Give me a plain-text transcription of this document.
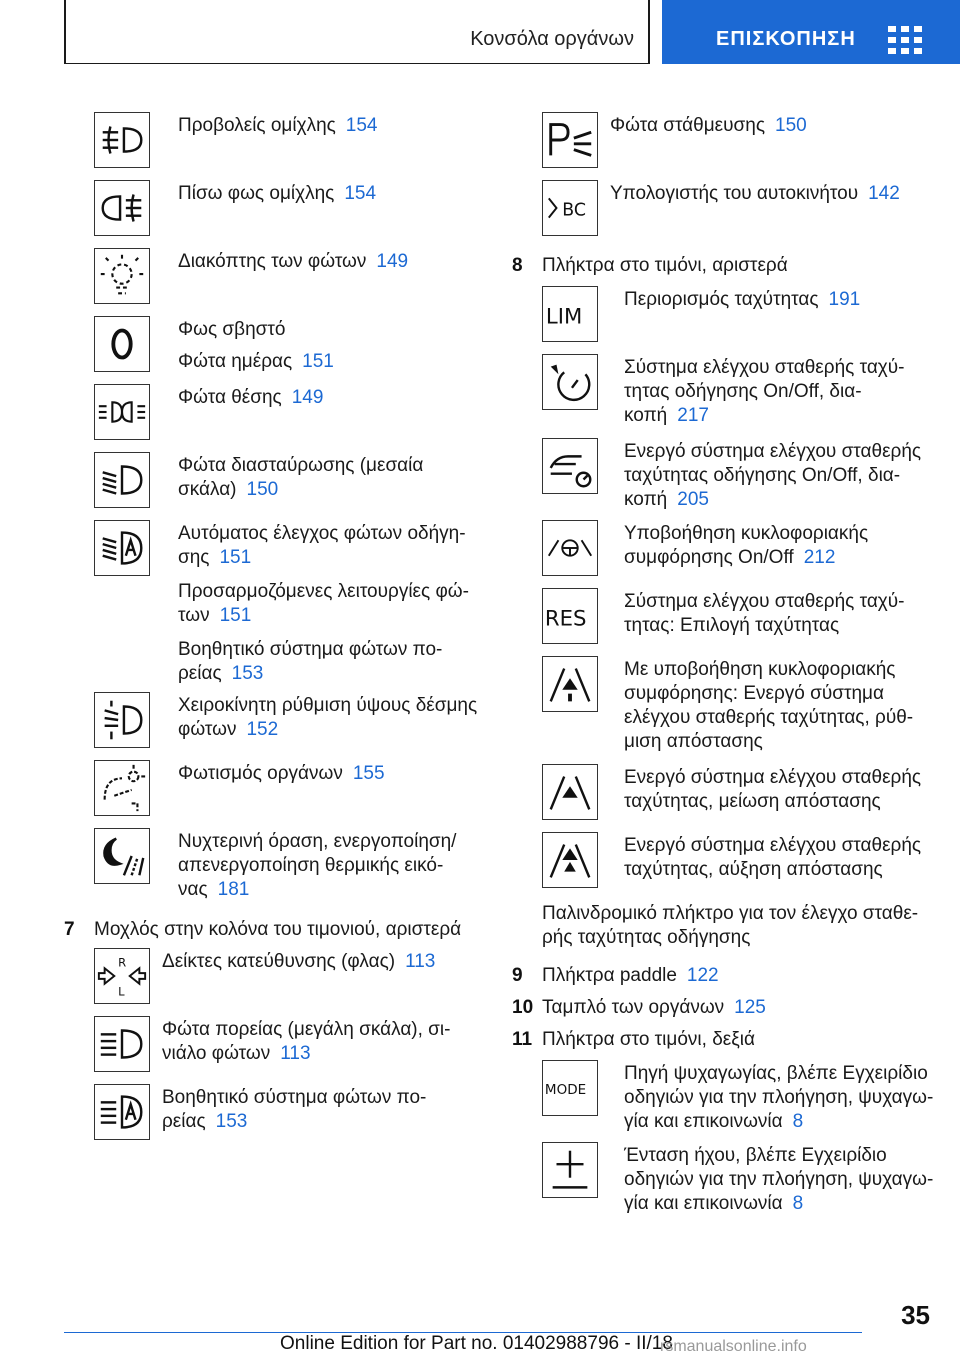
Κονσόλα οργάνων	ΕΠΙΣΚΟΠΗΣΗ
Προβολείς ομίχλης 154
Πίσω φως ομίχλης 154
Διακόπτης των φώτων 149
Φως σβηστό
Φώτα ημέρας 151
Φώτα θέσης 149
Φώτα διασταύρωσης (μεσαία
σκάλα) 150
Αυτόματος έλεγχος φώτων οδήγη-
σης 151
Προσαρμοζόμενες λειτουργίες φώ-
των 151
Βοηθητικό σύστημα φώτων πο-
ρείας 153
Χειροκίνητη ρύθμιση ύψους δέσμης
φώτων 152
Φωτισμός οργάνων 155
Νυχτερινή όραση, ενεργοποίηση/
απενεργοποίηση θερμικής εικό-
νας 181
7 Μοχλός στην κολόνα του τιμονιού, αριστερά
R
L
Δείκτες κατεύθυνσης (φλας) 113
Φώτα πορείας (μεγάλη σκάλα), σι-
νιάλο φώτων 113
Βοηθητικό σύστημα φώτων πο-
ρείας 153
Φώτα στάθμευσης 150
BC
Υπολογιστής του αυτοκινήτου 142
8 Πλήκτρα στο τιμόνι, αριστερά
LIM
Περιορισμός ταχύτητας 191
Σύστημα ελέγχου σταθερής ταχύ-
τητας οδήγησης On/Off, δια-
κοπή 217
Ενεργό σύστημα ελέγχου σταθερής
ταχύτητας οδήγησης On/Off, δια-
κοπή 205
Υποβοήθηση κυκλοφοριακής
συμφόρησης On/Off 212
RES
Σύστημα ελέγχου σταθερής ταχύ-
τητας: Επιλογή ταχύτητας
Με υποβοήθηση κυκλοφοριακής
συμφόρησης: Ενεργό σύστημα
ελέγχου σταθερής ταχύτητας, ρύθ-
μιση απόστασης
Ενεργό σύστημα ελέγχου σταθερής
ταχύτητας, μείωση απόστασης
Ενεργό σύστημα ελέγχου σταθερής
ταχύτητας, αύξηση απόστασης
Παλινδρομικό πλήκτρο για τον έλεγχο σταθε-
ρής ταχύτητας οδήγησης
9 Πλήκτρα paddle 122
10 Ταμπλό των οργάνων 125
11 Πλήκτρα στο τιμόνι, δεξιά
MODE
Πηγή ψυχαγωγίας, βλέπε Εγχειρίδιο
οδηγιών για την πλοήγηση, ψυχαγω-
γία και επικοινωνία 8
Ένταση ήχου, βλέπε Εγχειρίδιο
οδηγιών για την πλοήγηση, ψυχαγω-
γία και επικοινωνία 8
35
Online Edition for Part no. 01402988796 - II/18
rsmanualsonline.info
